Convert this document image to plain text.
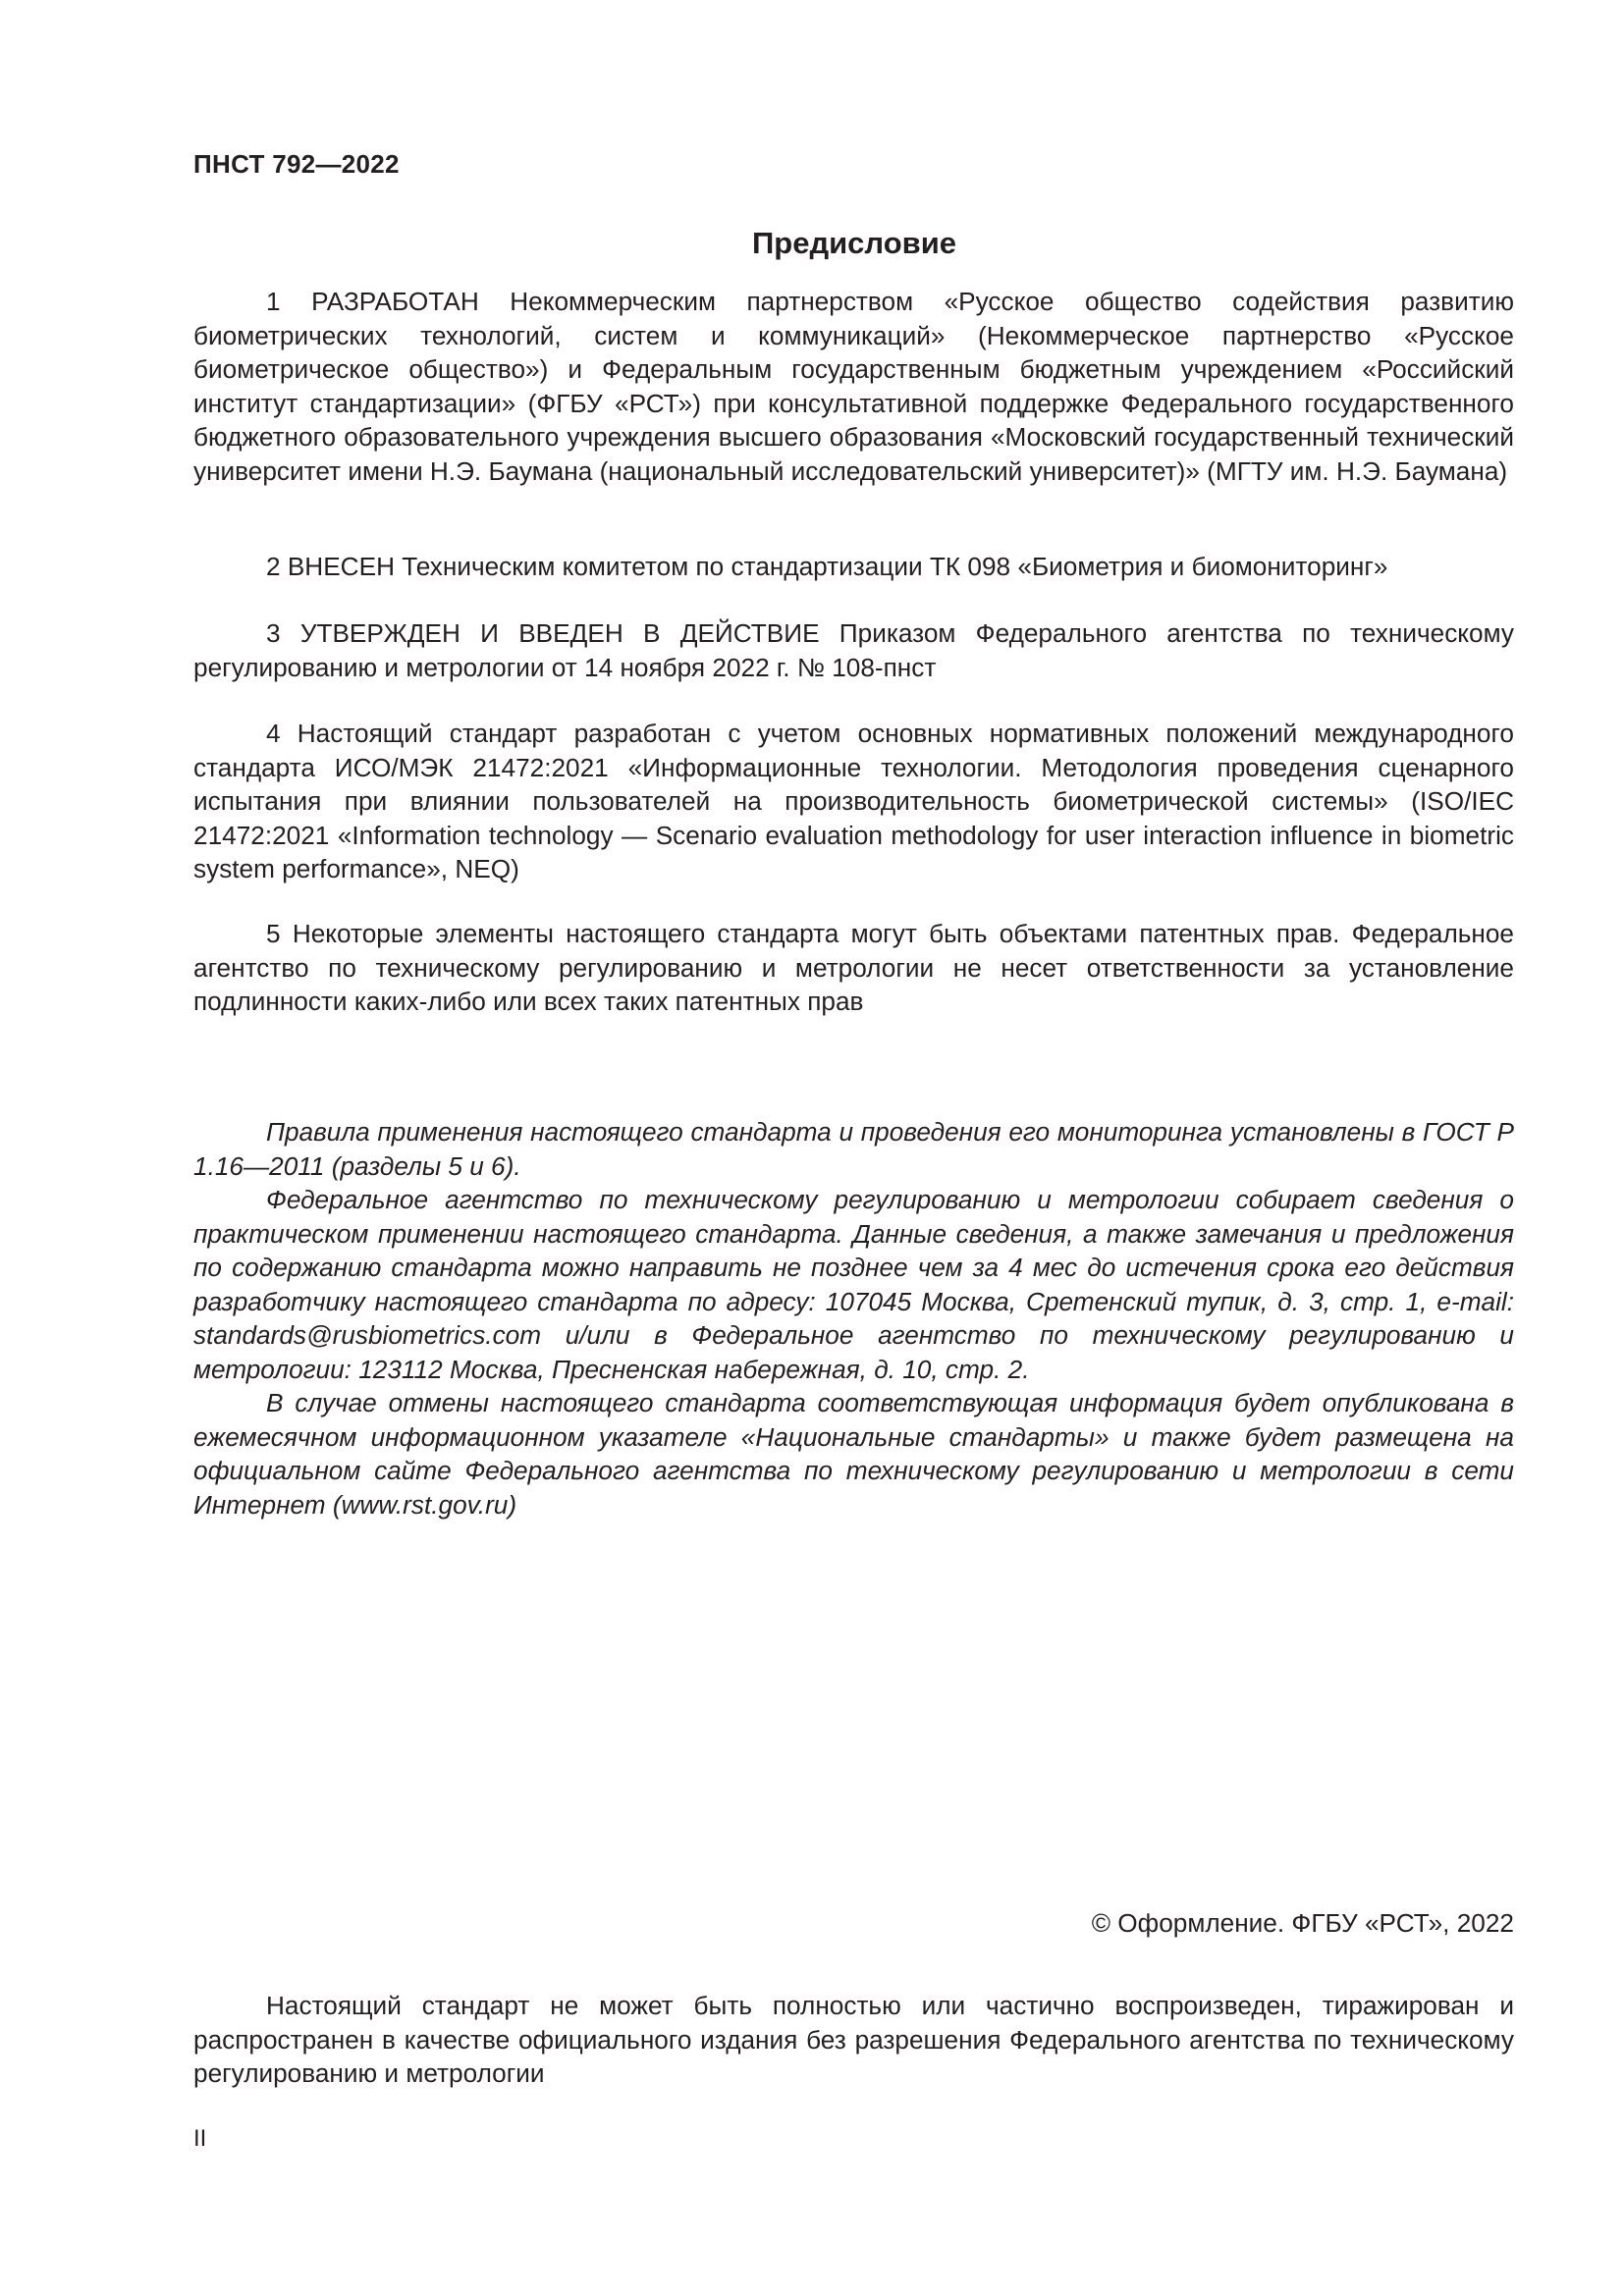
ПНСТ 792—2022
Предисловие

1 РАЗРАБОТАН Некоммерческим партнерством «Русское общество содействия развитию биометрических технологий, систем и коммуникаций» (Некоммерческое партнерство «Русское биометрическое общество») и Федеральным государственным бюджетным учреждением «Российский институт стандартизации» (ФГБУ «РСТ») при консультативной поддержке Федерального государственного бюджетного образовательного учреждения высшего образования «Московский государственный технический университет имени Н.Э. Баумана (национальный исследовательский университет)» (МГТУ им. Н.Э. Баумана)

2 ВНЕСЕН Техническим комитетом по стандартизации ТК 098 «Биометрия и биомониторинг»

3 УТВЕРЖДЕН И ВВЕДЕН В ДЕЙСТВИЕ Приказом Федерального агентства по техническому регулированию и метрологии от 14 ноября 2022 г. № 108-пнст

4 Настоящий стандарт разработан с учетом основных нормативных положений международного стандарта ИСО/МЭК 21472:2021 «Информационные технологии. Методология проведения сценарного испытания при влиянии пользователей на производительность биометрической системы» (ISO/IEC 21472:2021 «Information technology — Scenario evaluation methodology for user interaction influence in biometric system performance», NEQ)

5 Некоторые элементы настоящего стандарта могут быть объектами патентных прав. Федеральное агентство по техническому регулированию и метрологии не несет ответственности за установление подлинности каких-либо или всех таких патентных прав

Правила применения настоящего стандарта и проведения его мониторинга установлены в ГОСТ Р 1.16—2011 (разделы 5 и 6).

Федеральное агентство по техническому регулированию и метрологии собирает сведения о практическом применении настоящего стандарта. Данные сведения, а также замечания и предложения по содержанию стандарта можно направить не позднее чем за 4 мес до истечения срока его действия разработчику настоящего стандарта по адресу: 107045 Москва, Сретенский тупик, д. 3, стр. 1, e-mail: standards@rusbiometrics.com и/или в Федеральное агентство по техническому регулированию и метрологии: 123112 Москва, Пресненская набережная, д. 10, стр. 2.

В случае отмены настоящего стандарта соответствующая информация будет опубликована в ежемесячном информационном указателе «Национальные стандарты» и также будет размещена на официальном сайте Федерального агентства по техническому регулированию и метрологии в сети Интернет (www.rst.gov.ru)

© Оформление. ФГБУ «РСТ», 2022

Настоящий стандарт не может быть полностью или частично воспроизведен, тиражирован и распространен в качестве официального издания без разрешения Федерального агентства по техническому регулированию и метрологии

II
